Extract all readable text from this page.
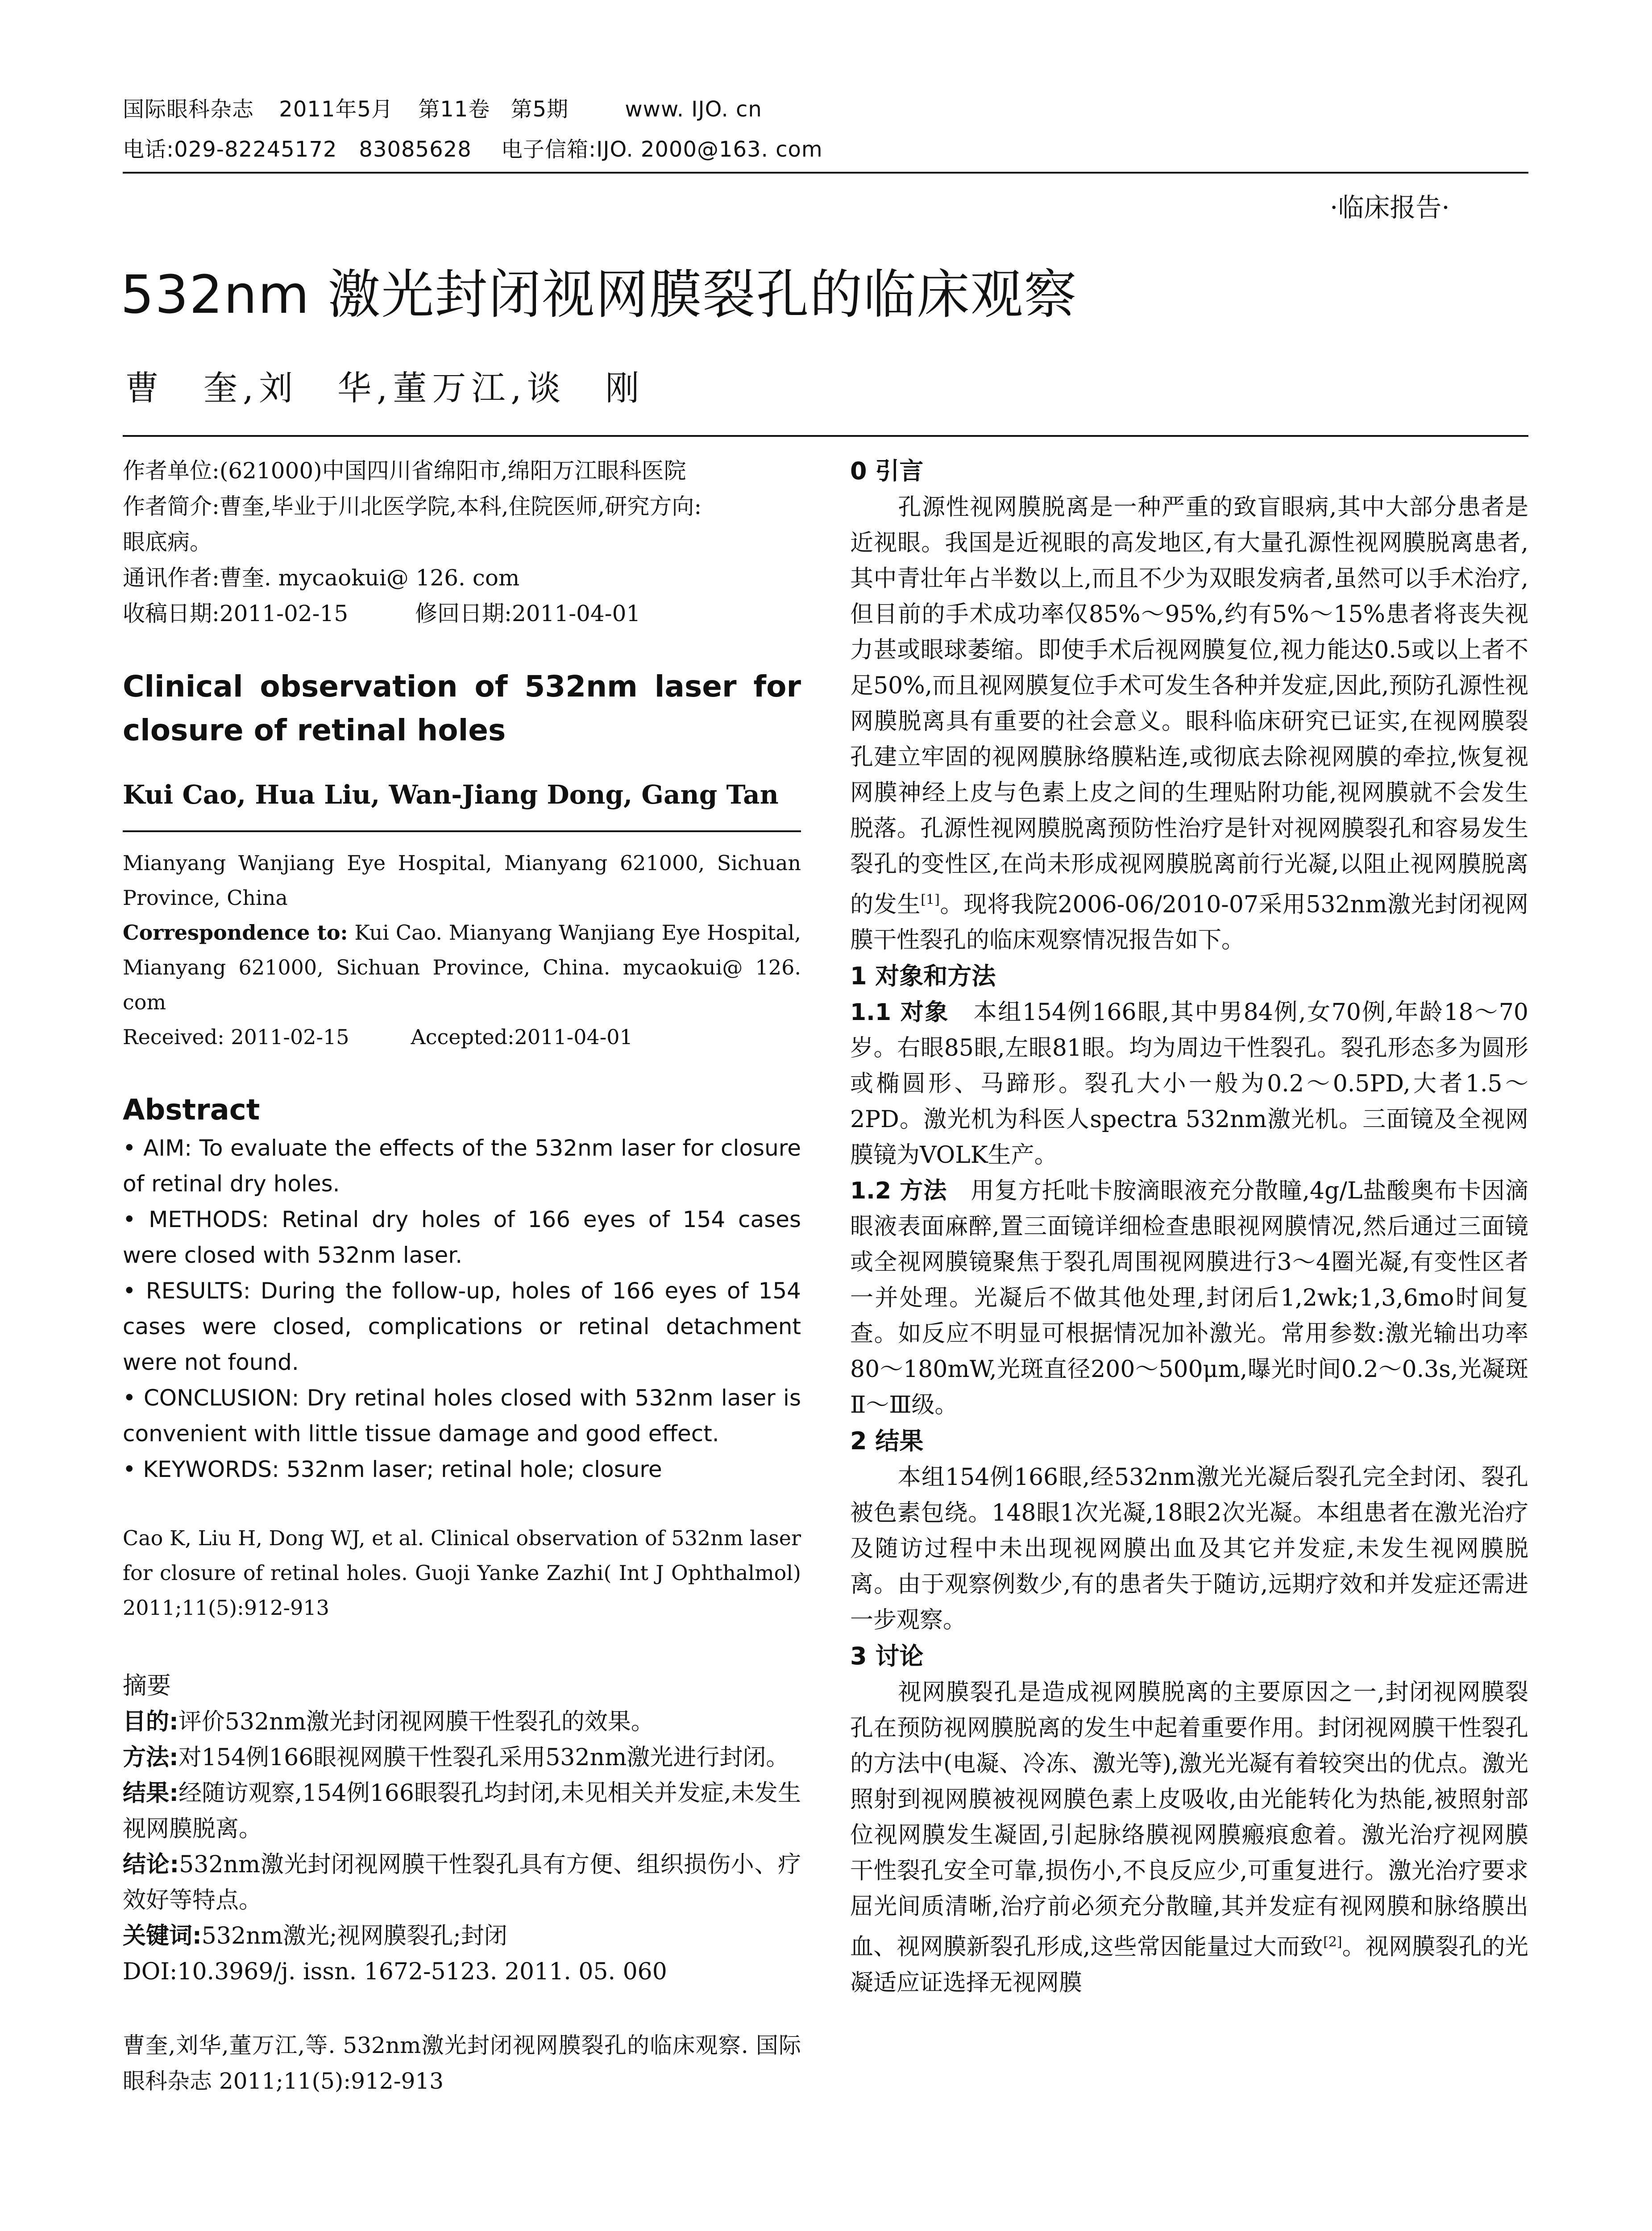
国际眼科杂志 2011年5月 第11卷 第5期	www. IJO. cn
电话:029-82245172　83085628 电子信箱:IJO. 2000@163. com
·临床报告·
532nm 激光封闭视网膜裂孔的临床观察
曹　奎,刘　华,董万江,谈　刚
作者单位:(621000)中国四川省绵阳市,绵阳万江眼科医院
作者简介:曹奎,毕业于川北医学院,本科,住院医师,研究方向:
眼底病。
通讯作者:曹奎. mycaokui@ 126. com
收稿日期:2011-02-15　　　修回日期:2011-04-01
Clinical observation of 532nm laser for closure of retinal holes
Kui Cao, Hua Liu, Wan-Jiang Dong, Gang Tan
Mianyang Wanjiang Eye Hospital, Mianyang 621000, Sichuan Province, China
Correspondence to: Kui Cao. Mianyang Wanjiang Eye Hospital, Mianyang 621000, Sichuan Province, China. mycaokui@ 126. com
Received: 2011-02-15　　　Accepted:2011-04-01
Abstract
• AIM: To evaluate the effects of the 532nm laser for closure of retinal dry holes.
• METHODS: Retinal dry holes of 166 eyes of 154 cases were closed with 532nm laser.
• RESULTS: During the follow-up, holes of 166 eyes of 154 cases were closed, complications or retinal detachment were not found.
• CONCLUSION: Dry retinal holes closed with 532nm laser is convenient with little tissue damage and good effect.
• KEYWORDS: 532nm laser; retinal hole; closure
Cao K, Liu H, Dong WJ, et al. Clinical observation of 532nm laser for closure of retinal holes. Guoji Yanke Zazhi( Int J Ophthalmol) 2011;11(5):912-913
摘要
目的:评价532nm激光封闭视网膜干性裂孔的效果。
方法:对154例166眼视网膜干性裂孔采用532nm激光进行封闭。
结果:经随访观察,154例166眼裂孔均封闭,未见相关并发症,未发生视网膜脱离。
结论:532nm激光封闭视网膜干性裂孔具有方便、组织损伤小、疗效好等特点。
关键词:532nm激光;视网膜裂孔;封闭
DOI:10.3969/j. issn. 1672-5123. 2011. 05. 060
曹奎,刘华,董万江,等. 532nm激光封闭视网膜裂孔的临床观察. 国际眼科杂志 2011;11(5):912-913
0 引言
　　孔源性视网膜脱离是一种严重的致盲眼病,其中大部分患者是近视眼。我国是近视眼的高发地区,有大量孔源性视网膜脱离患者,其中青壮年占半数以上,而且不少为双眼发病者,虽然可以手术治疗,但目前的手术成功率仅85%～95%,约有5%～15%患者将丧失视力甚或眼球萎缩。即使手术后视网膜复位,视力能达0.5或以上者不足50%,而且视网膜复位手术可发生各种并发症,因此,预防孔源性视网膜脱离具有重要的社会意义。眼科临床研究已证实,在视网膜裂孔建立牢固的视网膜脉络膜粘连,或彻底去除视网膜的牵拉,恢复视网膜神经上皮与色素上皮之间的生理贴附功能,视网膜就不会发生脱落。孔源性视网膜脱离预防性治疗是针对视网膜裂孔和容易发生裂孔的变性区,在尚未形成视网膜脱离前行光凝,以阻止视网膜脱离的发生[1]。现将我院2006-06/2010-07采用532nm激光封闭视网膜干性裂孔的临床观察情况报告如下。
1 对象和方法
1.1 对象　本组154例166眼,其中男84例,女70例,年龄18～70岁。右眼85眼,左眼81眼。均为周边干性裂孔。裂孔形态多为圆形或椭圆形、马蹄形。裂孔大小一般为0.2～0.5PD,大者1.5～2PD。激光机为科医人spectra 532nm激光机。三面镜及全视网膜镜为VOLK生产。
1.2 方法　用复方托吡卡胺滴眼液充分散瞳,4g/L盐酸奥布卡因滴眼液表面麻醉,置三面镜详细检查患眼视网膜情况,然后通过三面镜或全视网膜镜聚焦于裂孔周围视网膜进行3～4圈光凝,有变性区者一并处理。光凝后不做其他处理,封闭后1,2wk;1,3,6mo时间复查。如反应不明显可根据情况加补激光。常用参数:激光输出功率80～180mW,光斑直径200～500μm,曝光时间0.2～0.3s,光凝斑Ⅱ～Ⅲ级。
2 结果
　　本组154例166眼,经532nm激光光凝后裂孔完全封闭、裂孔被色素包绕。148眼1次光凝,18眼2次光凝。本组患者在激光治疗及随访过程中未出现视网膜出血及其它并发症,未发生视网膜脱离。由于观察例数少,有的患者失于随访,远期疗效和并发症还需进一步观察。
3 讨论
　　视网膜裂孔是造成视网膜脱离的主要原因之一,封闭视网膜裂孔在预防视网膜脱离的发生中起着重要作用。封闭视网膜干性裂孔的方法中(电凝、冷冻、激光等),激光光凝有着较突出的优点。激光照射到视网膜被视网膜色素上皮吸收,由光能转化为热能,被照射部位视网膜发生凝固,引起脉络膜视网膜瘢痕愈着。激光治疗视网膜干性裂孔安全可靠,损伤小,不良反应少,可重复进行。激光治疗要求屈光间质清晰,治疗前必须充分散瞳,其并发症有视网膜和脉络膜出血、视网膜新裂孔形成,这些常因能量过大而致[2]。视网膜裂孔的光凝适应证选择无视网膜
